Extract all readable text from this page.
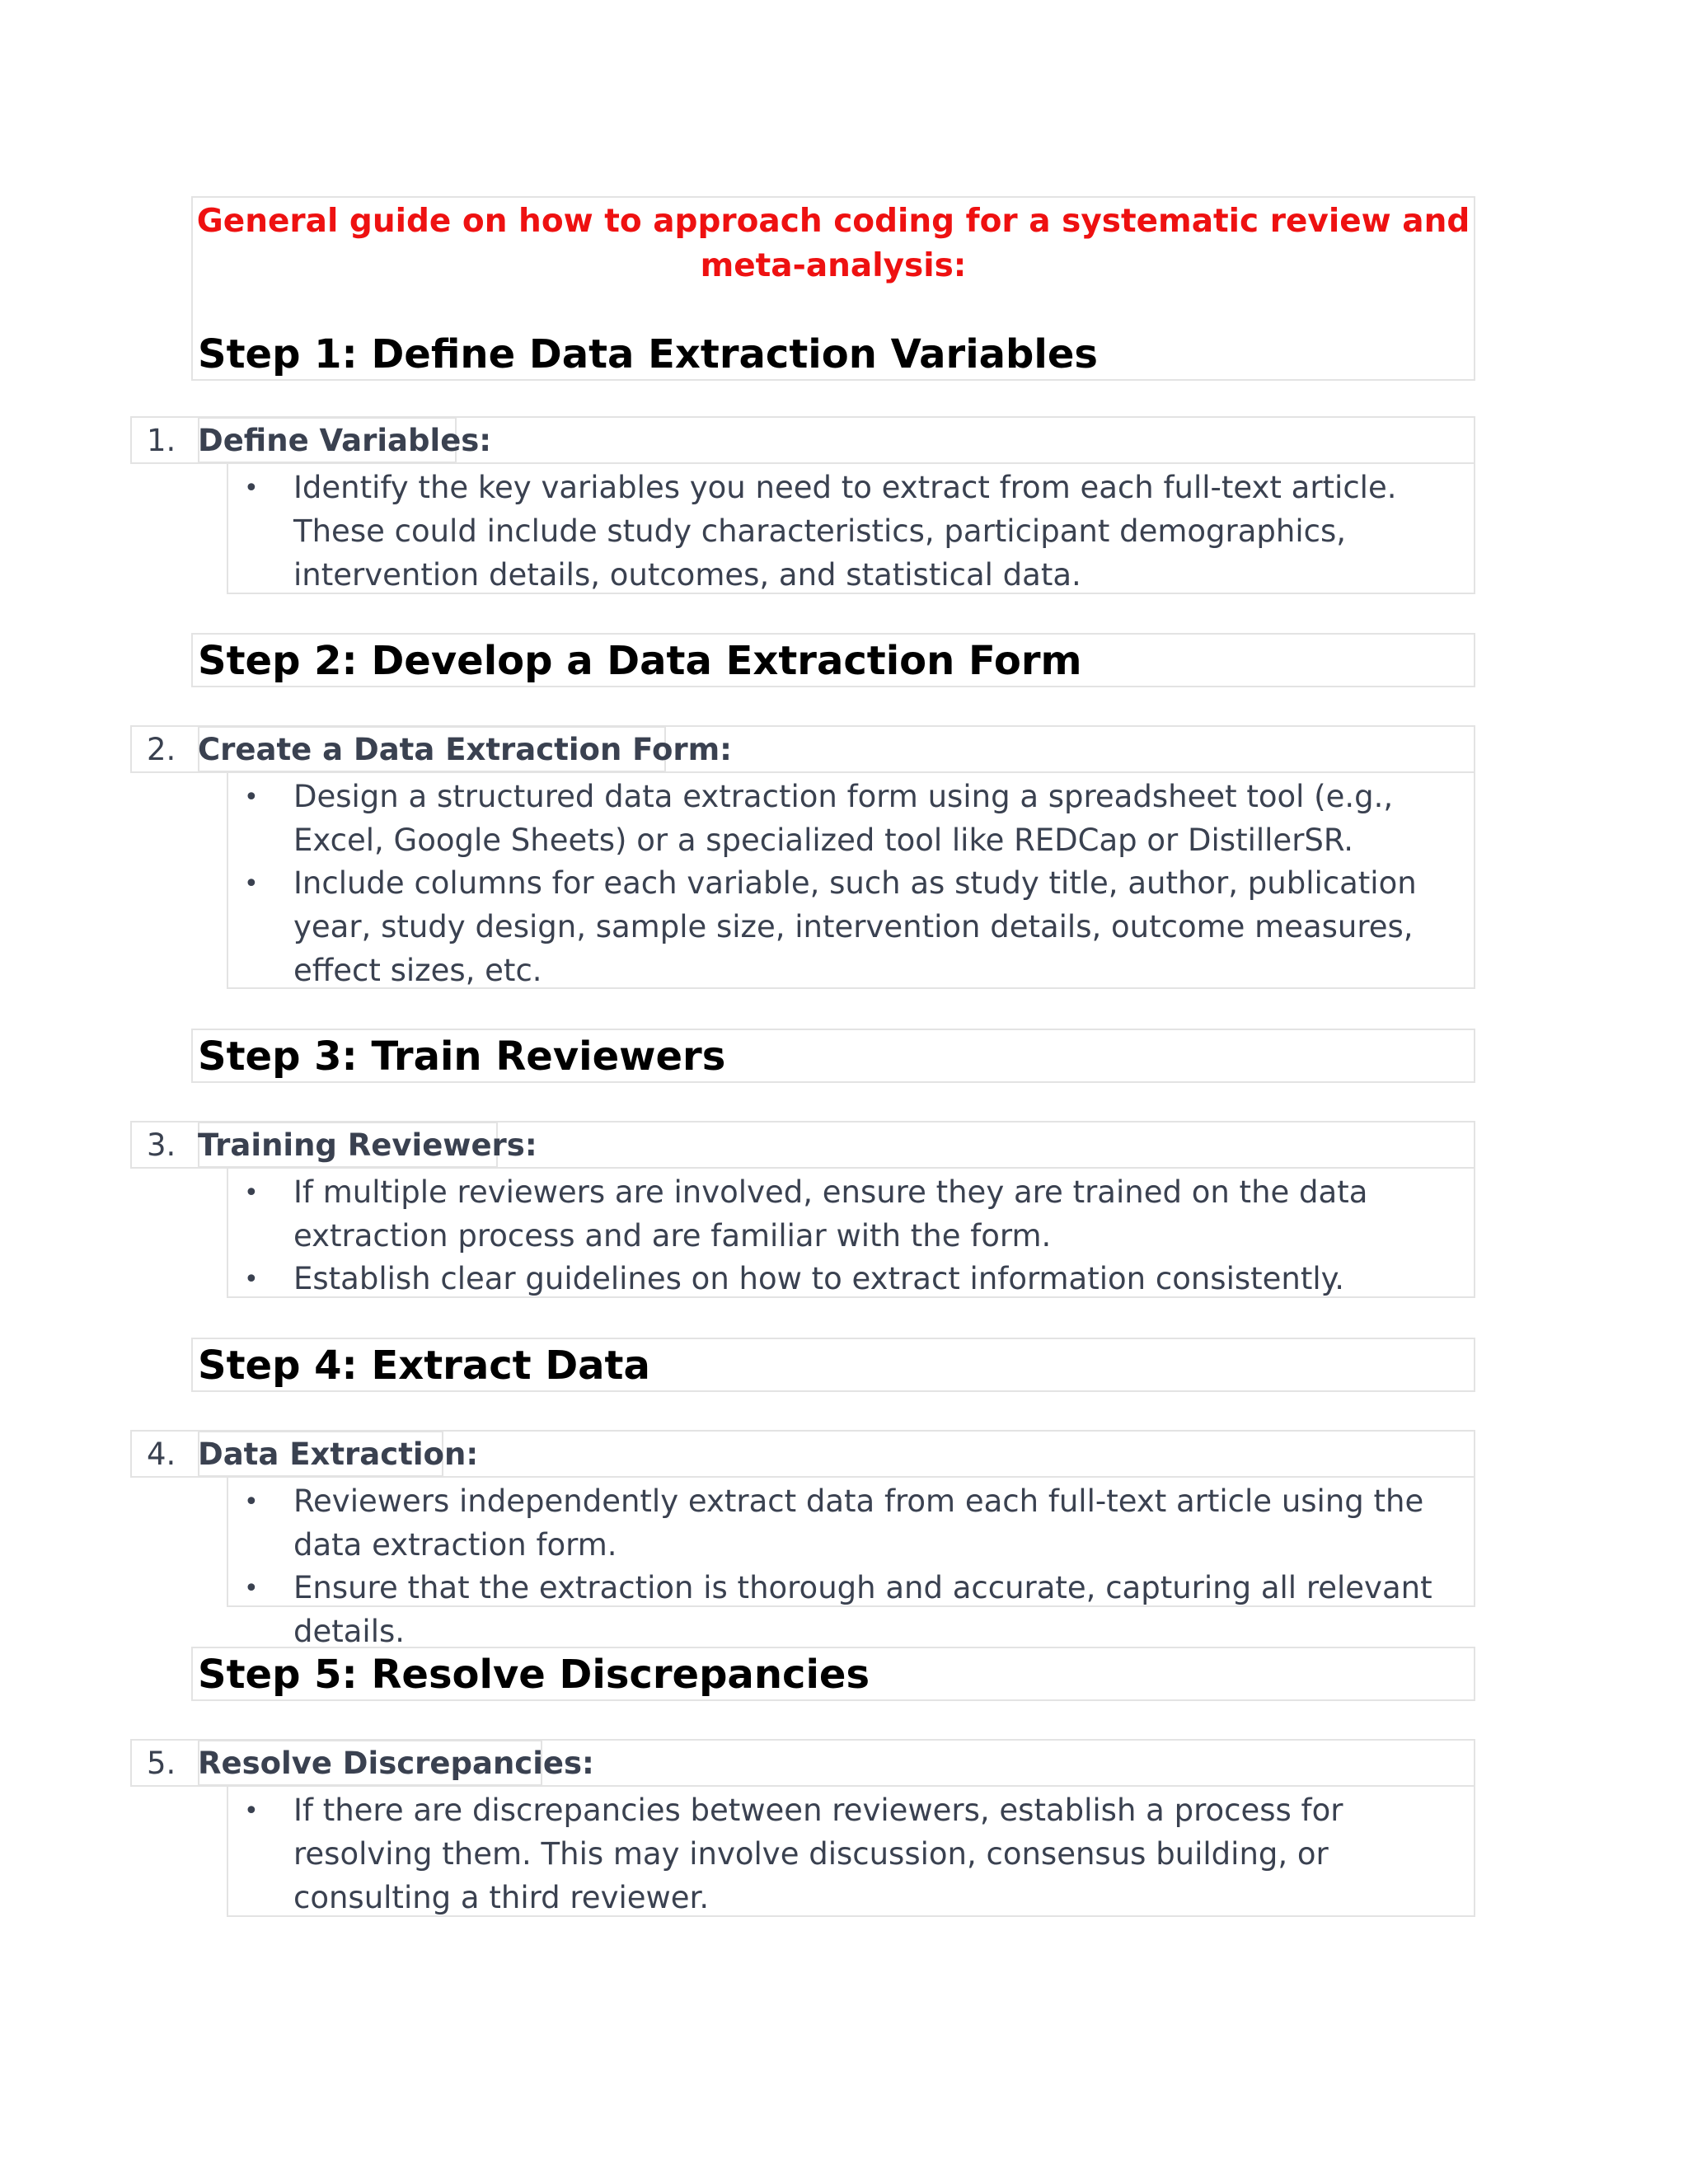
General guide on how to approach coding for a systematic review and meta-analysis:
Step 1: Define Data Extraction Variables
1. Define Variables:
• Identify the key variables you need to extract from each full-text article. These could include study characteristics, participant demographics, intervention details, outcomes, and statistical data.
Step 2: Develop a Data Extraction Form
2. Create a Data Extraction Form:
• Design a structured data extraction form using a spreadsheet tool (e.g., Excel, Google Sheets) or a specialized tool like REDCap or DistillerSR.
• Include columns for each variable, such as study title, author, publication year, study design, sample size, intervention details, outcome measures, effect sizes, etc.
Step 3: Train Reviewers
3. Training Reviewers:
• If multiple reviewers are involved, ensure they are trained on the data extraction process and are familiar with the form.
• Establish clear guidelines on how to extract information consistently.
Step 4: Extract Data
4. Data Extraction:
• Reviewers independently extract data from each full-text article using the data extraction form.
• Ensure that the extraction is thorough and accurate, capturing all relevant details.
Step 5: Resolve Discrepancies
5. Resolve Discrepancies:
• If there are discrepancies between reviewers, establish a process for resolving them. This may involve discussion, consensus building, or consulting a third reviewer.
